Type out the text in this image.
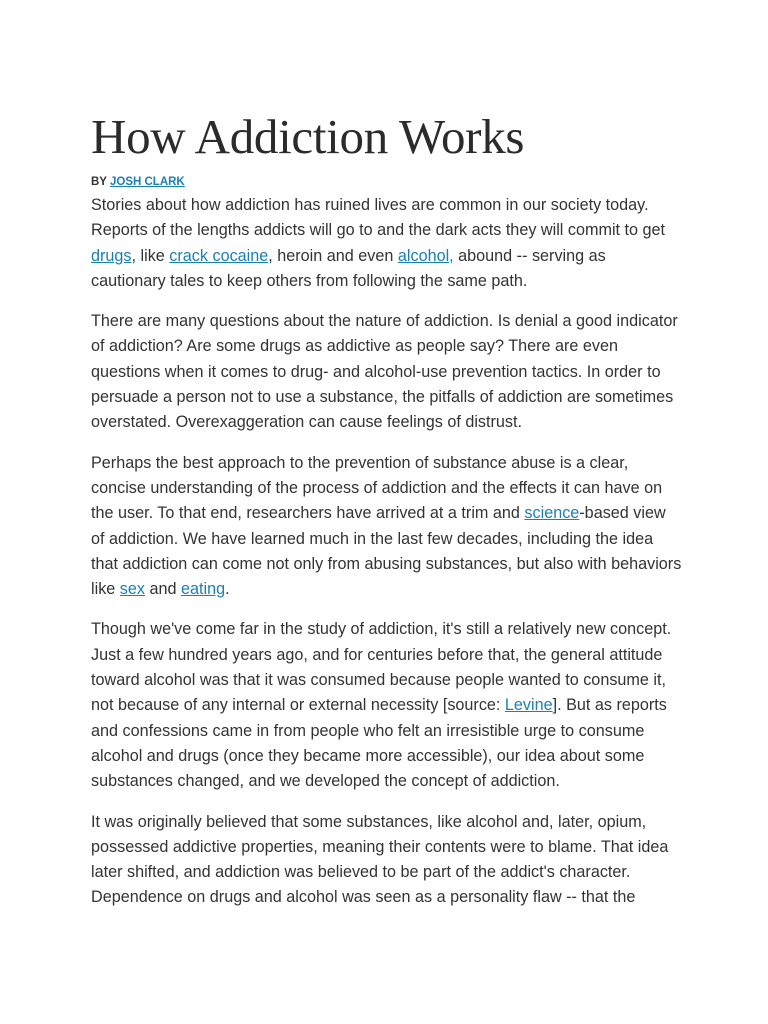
How Addiction Works
BY JOSH CLARK

Stories about how addiction has ruined lives are common in our society today. Reports of the lengths addicts will go to and the dark acts they will commit to get drugs, like crack cocaine, heroin and even alcohol, abound -- serving as cautionary tales to keep others from following the same path.

There are many questions about the nature of addiction. Is denial a good indicator of addiction? Are some drugs as addictive as people say? There are even questions when it comes to drug- and alcohol-use prevention tactics. In order to persuade a person not to use a substance, the pitfalls of addiction are sometimes overstated. Overexaggeration can cause feelings of distrust.

Perhaps the best approach to the prevention of substance abuse is a clear, concise understanding of the process of addiction and the effects it can have on the user. To that end, researchers have arrived at a trim and science-based view of addiction. We have learned much in the last few decades, including the idea that addiction can come not only from abusing substances, but also with behaviors like sex and eating.

Though we've come far in the study of addiction, it's still a relatively new concept. Just a few hundred years ago, and for centuries before that, the general attitude toward alcohol was that it was consumed because people wanted to consume it, not because of any internal or external necessity [source: Levine]. But as reports and confessions came in from people who felt an irresistible urge to consume alcohol and drugs (once they became more accessible), our idea about some substances changed, and we developed the concept of addiction.

It was originally believed that some substances, like alcohol and, later, opium, possessed addictive properties, meaning their contents were to blame. That idea later shifted, and addiction was believed to be part of the addict's character. Dependence on drugs and alcohol was seen as a personality flaw -- that the
